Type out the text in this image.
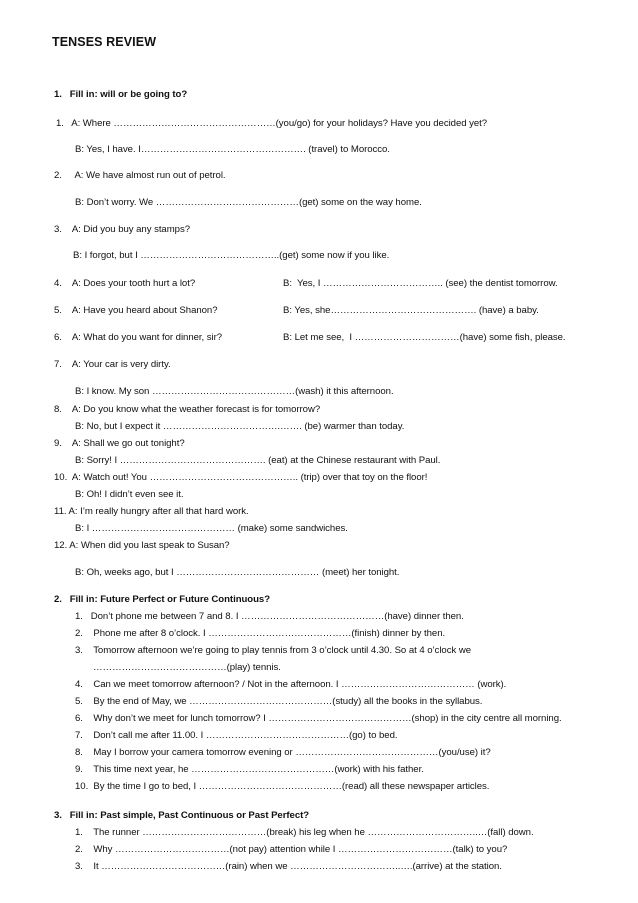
TENSES REVIEW
1.   Fill in: will or be going to?
1.   A: Where ……………………………………………(you/go) for your holidays? Have you decided yet?
B: Yes, I have. I……………………………………………. (travel) to Morocco.
2.     A: We have almost run out of petrol.
B: Don’t worry. We ………………………………………(get) some on the way home.
3.    A: Did you buy any stamps?
B: I forgot, but I ……………………………………..(get) some now if you like.
4.    A: Does your tooth hurt a lot?	B:  Yes, I ……………………………….. (see) the dentist tomorrow.
5.    A: Have you heard about Shanon?	B: Yes, she………………………………………. (have) a baby.
6.    A: What do you want for dinner, sir?	B: Let me see,  I ……………………………(have) some fish, please.
7.    A: Your car is very dirty.
B: I know. My son ………………………………………(wash) it this afternoon.
8.    A: Do you know what the weather forecast is for tomorrow?
B: No, but I expect it ……………………………….……. (be) warmer than today.
9.    A: Shall we go out tonight?
B: Sorry! I ………………………………………. (eat) at the Chinese restaurant with Paul.
10.  A: Watch out! You ……………………………………….. (trip) over that toy on the floor!
B: Oh! I didn’t even see it.
11. A: I’m really hungry after all that hard work.
B: I ……………………………………… (make) some sandwiches.
12. A: When did you last speak to Susan?
B: Oh, weeks ago, but I ……………………………………… (meet) her tonight.
2.   Fill in: Future Perfect or Future Continuous?
1.   Don’t phone me between 7 and 8. I ………………………………………(have) dinner then.
2.    Phone me after 8 o’clock. I ………………………………………(finish) dinner by then.
3.    Tomorrow afternoon we’re going to play tennis from 3 o’clock until 4.30. So at 4 o’clock we
……………………………………(play) tennis.
4.    Can we meet tomorrow afternoon? / Not in the afternoon. I …………………………………… (work).
5.    By the end of May, we ………………………………………(study) all the books in the syllabus.
6.    Why don’t we meet for lunch tomorrow? I ………………………………………(shop) in the city centre all morning.
7.    Don’t call me after 11.00. I ………………………………………(go) to bed.
8.    May I borrow your camera tomorrow evening or ………………………………………(you/use) it?
9.    This time next year, he ………………………………………(work) with his father.
10.  By the time I go to bed, I ………………………………………(read) all these newspaper articles.
3.   Fill in: Past simple, Past Continuous or Past Perfect?
1.    The runner …………………………………(break) his leg when he ……………………………..…(fall) down.
2.    Why ………………………………(not pay) attention while I ………………………………(talk) to you?
3.    It …………………………………(rain) when we ……………………………..….(arrive) at the station.
